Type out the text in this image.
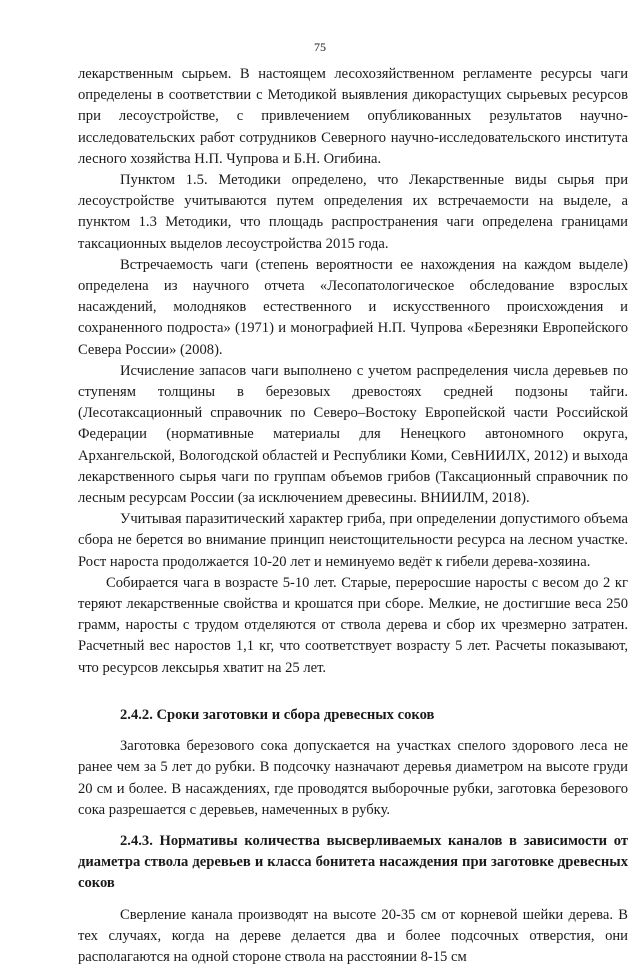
75

лекарственным сырьем. В настоящем лесохозяйственном регламенте ресурсы чаги определены в соответствии с Методикой выявления дикорастущих сырьевых ресурсов при лесоустройстве, с привлечением опубликованных результатов научно-исследовательских работ сотрудников Северного научно-исследовательского института лесного хозяйства Н.П. Чупрова и Б.Н. Огибина.

Пунктом 1.5. Методики определено, что Лекарственные виды сырья при лесоустройстве учитываются путем определения их встречаемости на выделе, а пунктом 1.3 Методики, что площадь распространения чаги определена границами таксационных выделов лесоустройства 2015 года.

Встречаемость чаги (степень вероятности ее нахождения на каждом выделе) определена из научного отчета «Лесопатологическое обследование взрослых насаждений, молодняков естественного и искусственного происхождения и сохраненного подроста» (1971) и монографией Н.П. Чупрова «Березняки Европейского Севера России» (2008).

Исчисление запасов чаги выполнено с учетом распределения числа деревьев по ступеням толщины в березовых древостоях средней подзоны тайги. (Лесотаксационный справочник по Северо–Востоку Европейской части Российской Федерации (нормативные материалы для Ненецкого автономного округа, Архангельской, Вологодской областей и Республики Коми, СевНИИЛХ, 2012) и выхода лекарственного сырья чаги по группам объемов грибов (Таксационный справочник по лесным ресурсам России (за исключением древесины. ВНИИЛМ, 2018).

Учитывая паразитический характер гриба, при определении допустимого объема сбора не берется во внимание принцип неистощительности ресурса на лесном участке. Рост нароста продолжается 10-20 лет и неминуемо ведёт к гибели дерева-хозяина.

Собирается чага в возрасте 5-10 лет. Старые, переросшие наросты с весом до 2 кг теряют лекарственные свойства и крошатся при сборе. Мелкие, не достигшие веса 250 грамм, наросты с трудом отделяются от ствола дерева и сбор их чрезмерно затратен. Расчетный вес наростов 1,1 кг, что соответствует возрасту 5 лет. Расчеты показывают, что ресурсов лексырья хватит на 25 лет.

2.4.2. Сроки заготовки и сбора древесных соков

Заготовка березового сока допускается на участках спелого здорового леса не ранее чем за 5 лет до рубки. В подсочку назначают деревья диаметром на высоте груди 20 см и более. В насаждениях, где проводятся выборочные рубки, заготовка березового сока разрешается с деревьев, намеченных в рубку.

2.4.3. Нормативы количества высверливаемых каналов в зависимости от диаметра ствола деревьев и класса бонитета насаждения при заготовке древесных соков

Сверление канала производят на высоте 20-35 см от корневой шейки дерева. В тех случаях, когда на дереве делается два и более подсочных отверстия, они располагаются на одной стороне ствола на расстоянии 8-15 см
